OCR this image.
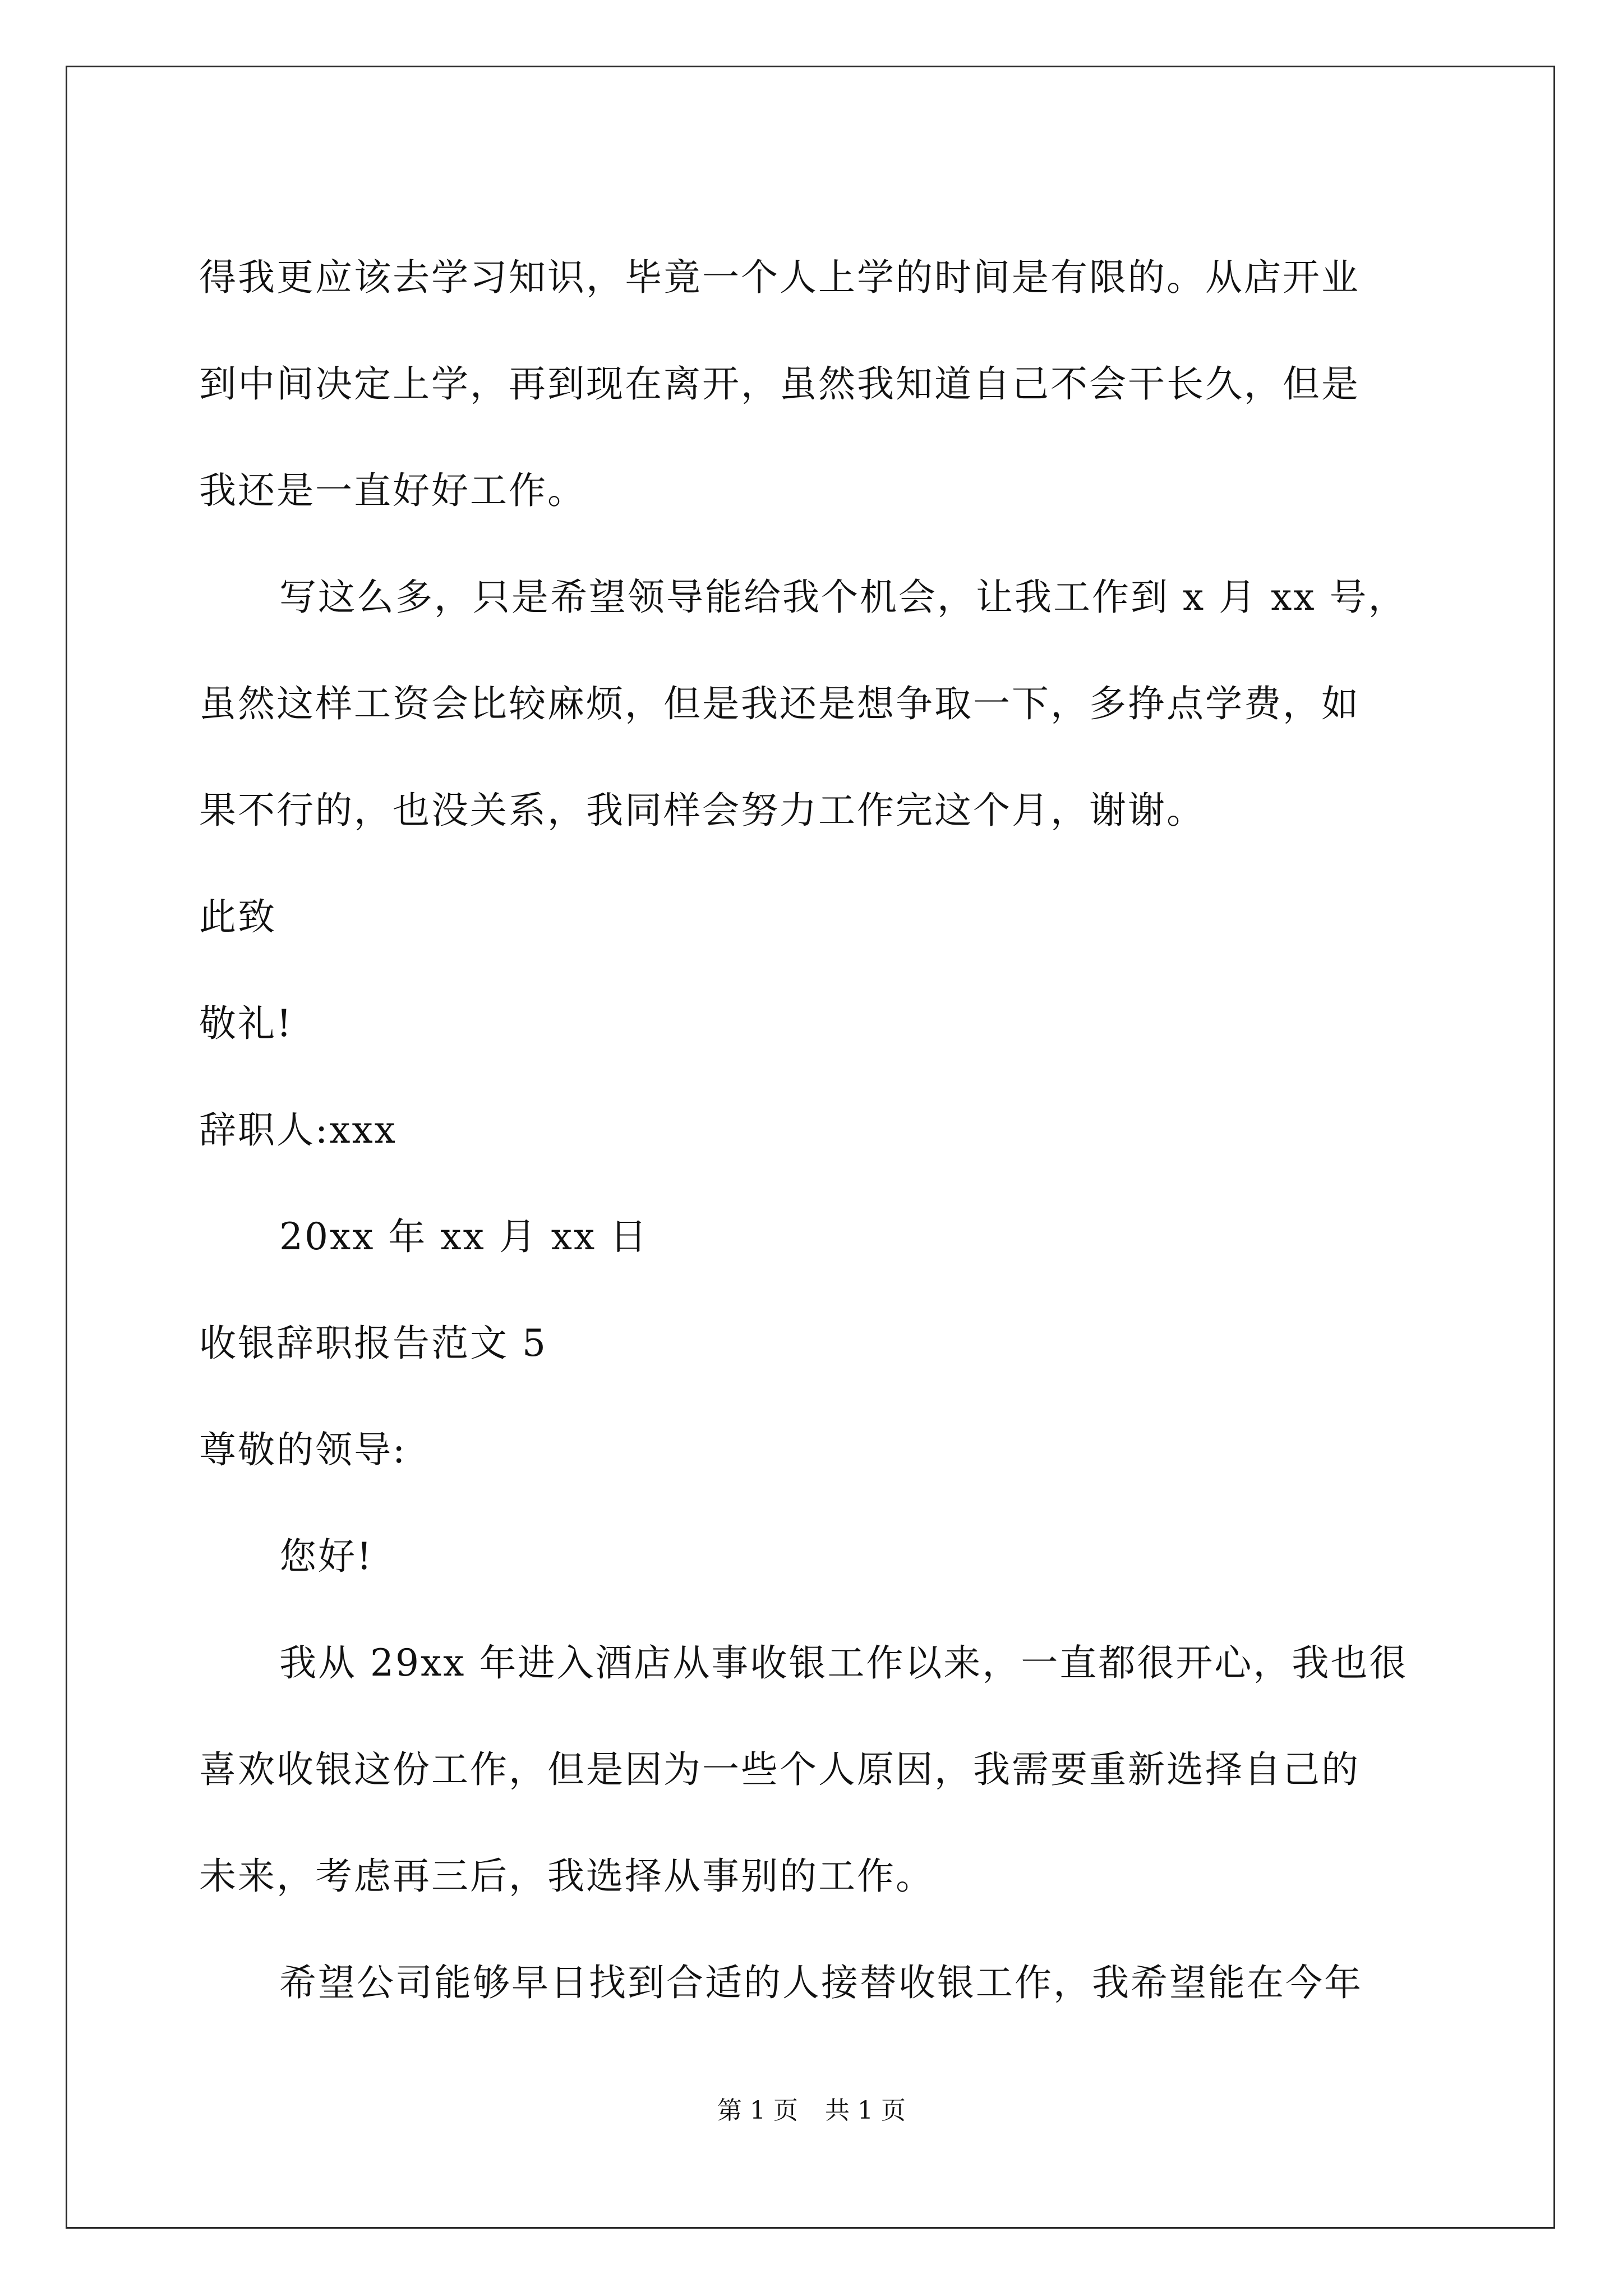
得我更应该去学习知识，毕竟一个人上学的时间是有限的。从店开业
到中间决定上学，再到现在离开，虽然我知道自己不会干长久，但是
我还是一直好好工作。
写这么多，只是希望领导能给我个机会，让我工作到 x 月 xx 号，
虽然这样工资会比较麻烦，但是我还是想争取一下，多挣点学费，如
果不行的，也没关系，我同样会努力工作完这个月，谢谢。
此致
敬礼!
辞职人:xxx
20xx 年 xx 月 xx 日
收银辞职报告范文 5
尊敬的领导:
您好!
我从 29xx 年进入酒店从事收银工作以来，一直都很开心，我也很
喜欢收银这份工作，但是因为一些个人原因，我需要重新选择自己的
未来，考虑再三后，我选择从事别的工作。
希望公司能够早日找到合适的人接替收银工作，我希望能在今年
第 1 页 共 1 页
